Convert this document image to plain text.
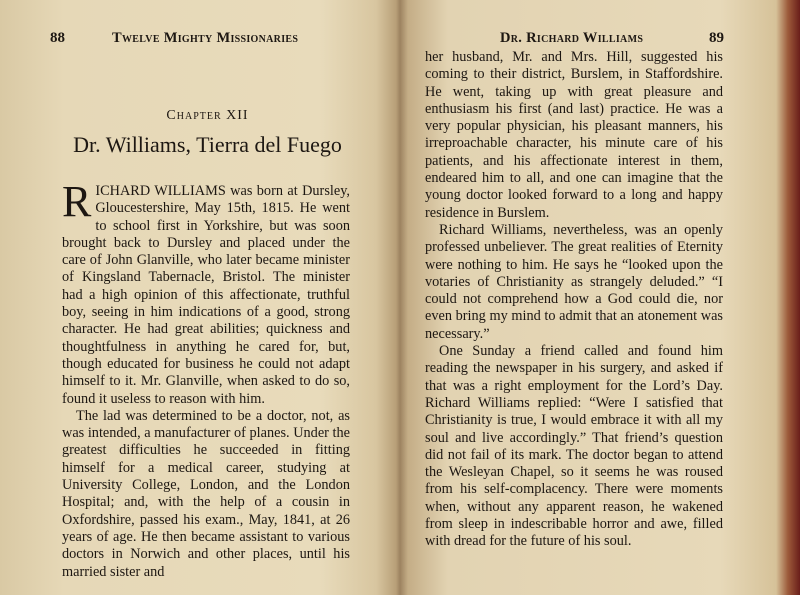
88	Twelve Mighty Missionaries
Chapter XII
Dr. Williams, Tierra del Fuego

RICHARD WILLIAMS was born at Dursley, Gloucestershire, May 15th, 1815. He went to school first in Yorkshire, but was soon brought back to Dursley and placed under the care of John Glanville, who later became minister of Kingsland Tabernacle, Bristol. The minister had a high opinion of this affectionate, truthful boy, seeing in him indications of a good, strong character. He had great abilities; quickness and thoughtfulness in anything he cared for, but, though educated for business he could not adapt himself to it. Mr. Glanville, when asked to do so, found it useless to reason with him.

The lad was determined to be a doctor, not, as was intended, a manufacturer of planes. Under the greatest difficulties he succeeded in fitting himself for a medical career, studying at University College, London, and the London Hospital; and, with the help of a cousin in Oxfordshire, passed his exam., May, 1841, at 26 years of age. He then became assistant to various doctors in Norwich and other places, until his married sister and

Dr. Richard Williams	89

her husband, Mr. and Mrs. Hill, suggested his coming to their district, Burslem, in Staffordshire. He went, taking up with great pleasure and enthusiasm his first (and last) practice. He was a very popular physician, his pleasant manners, his irreproachable character, his minute care of his patients, and his affectionate interest in them, endeared him to all, and one can imagine that the young doctor looked forward to a long and happy residence in Burslem.

Richard Williams, nevertheless, was an openly professed unbeliever. The great realities of Eternity were nothing to him. He says he “looked upon the votaries of Christianity as strangely deluded.” “I could not comprehend how a God could die, nor even bring my mind to admit that an atonement was necessary.”

One Sunday a friend called and found him reading the newspaper in his surgery, and asked if that was a right employment for the Lord’s Day. Richard Williams replied: “Were I satisfied that Christianity is true, I would embrace it with all my soul and live accordingly.” That friend’s question did not fail of its mark. The doctor began to attend the Wesleyan Chapel, so it seems he was roused from his self-complacency. There were moments when, without any apparent reason, he wakened from sleep in indescribable horror and awe, filled with dread for the future of his soul.
